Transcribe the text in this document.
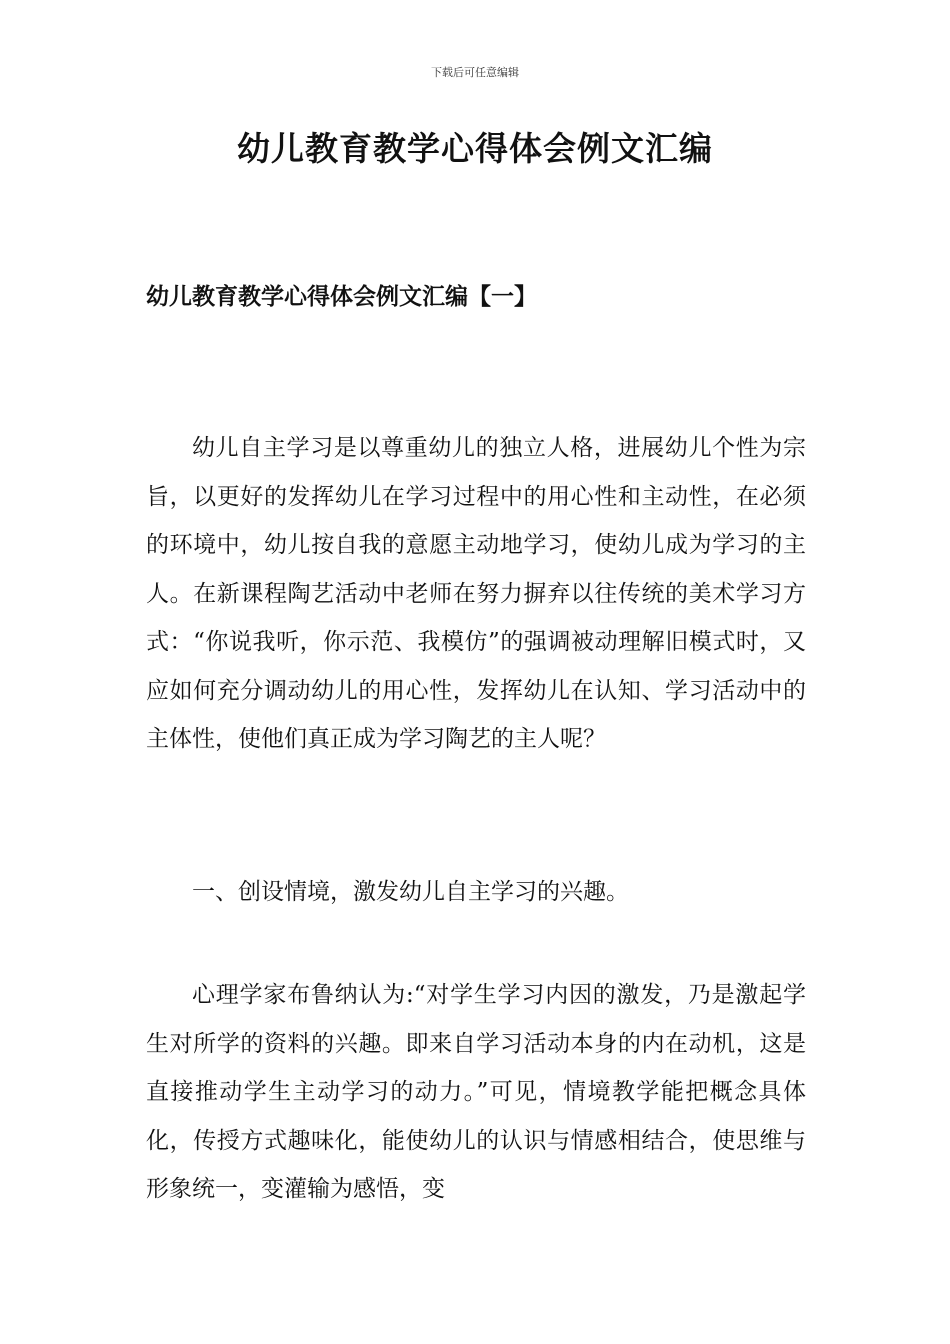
下载后可任意编辑
幼儿教育教学心得体会例文汇编
幼儿教育教学心得体会例文汇编【一】

幼儿自主学习是以尊重幼儿的独立人格，进展幼儿个性为宗旨，以更好的发挥幼儿在学习过程中的用心性和主动性，在必须的环境中，幼儿按自我的意愿主动地学习，使幼儿成为学习的主人。在新课程陶艺活动中老师在努力摒弃以往传统的美术学习方式：“你说我听，你示范、我模仿”的强调被动理解旧模式时，又应如何充分调动幼儿的用心性，发挥幼儿在认知、学习活动中的主体性，使他们真正成为学习陶艺的主人呢？

一、创设情境，激发幼儿自主学习的兴趣。

心理学家布鲁纳认为:“对学生学习内因的激发，乃是激起学生对所学的资料的兴趣。即来自学习活动本身的内在动机，这是直接推动学生主动学习的动力。”可见，情境教学能把概念具体化，传授方式趣味化，能使幼儿的认识与情感相结合，使思维与形象统一，变灌输为感悟，变
